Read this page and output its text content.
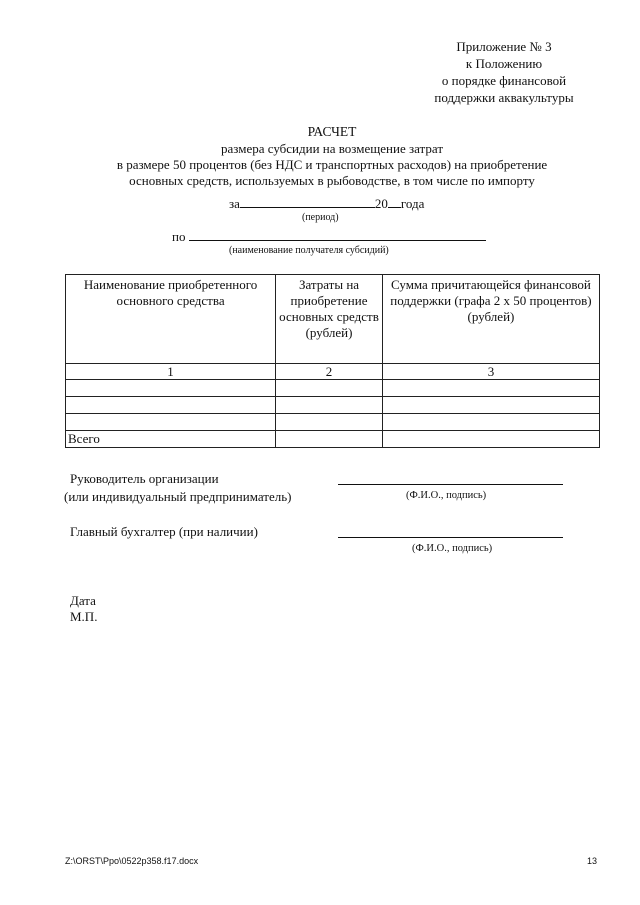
Приложение № 3
к Положению
о порядке финансовой
поддержки аквакультуры
РАСЧЕТ
размера субсидии на возмещение затрат
в размере 50 процентов (без НДС и транспортных расходов) на приобретение
основных средств, используемых в рыбоводстве, в том числе по импорту
за	20 года
(период)
по
(наименование получателя субсидий)
Наименование приобретенного основного средства	Затраты на приобретение основных средств (рублей)	Сумма причитающейся финансовой поддержки (графа 2 х 50 процентов) (рублей)
1	2	3

Всего		
Руководитель организации
(или индивидуальный предприниматель)	(Ф.И.О., подпись)
Главный бухгалтер (при наличии)
(Ф.И.О., подпись)
Дата
М.П.
Z:\ORST\Ppo\0522p358.f17.docx	13
